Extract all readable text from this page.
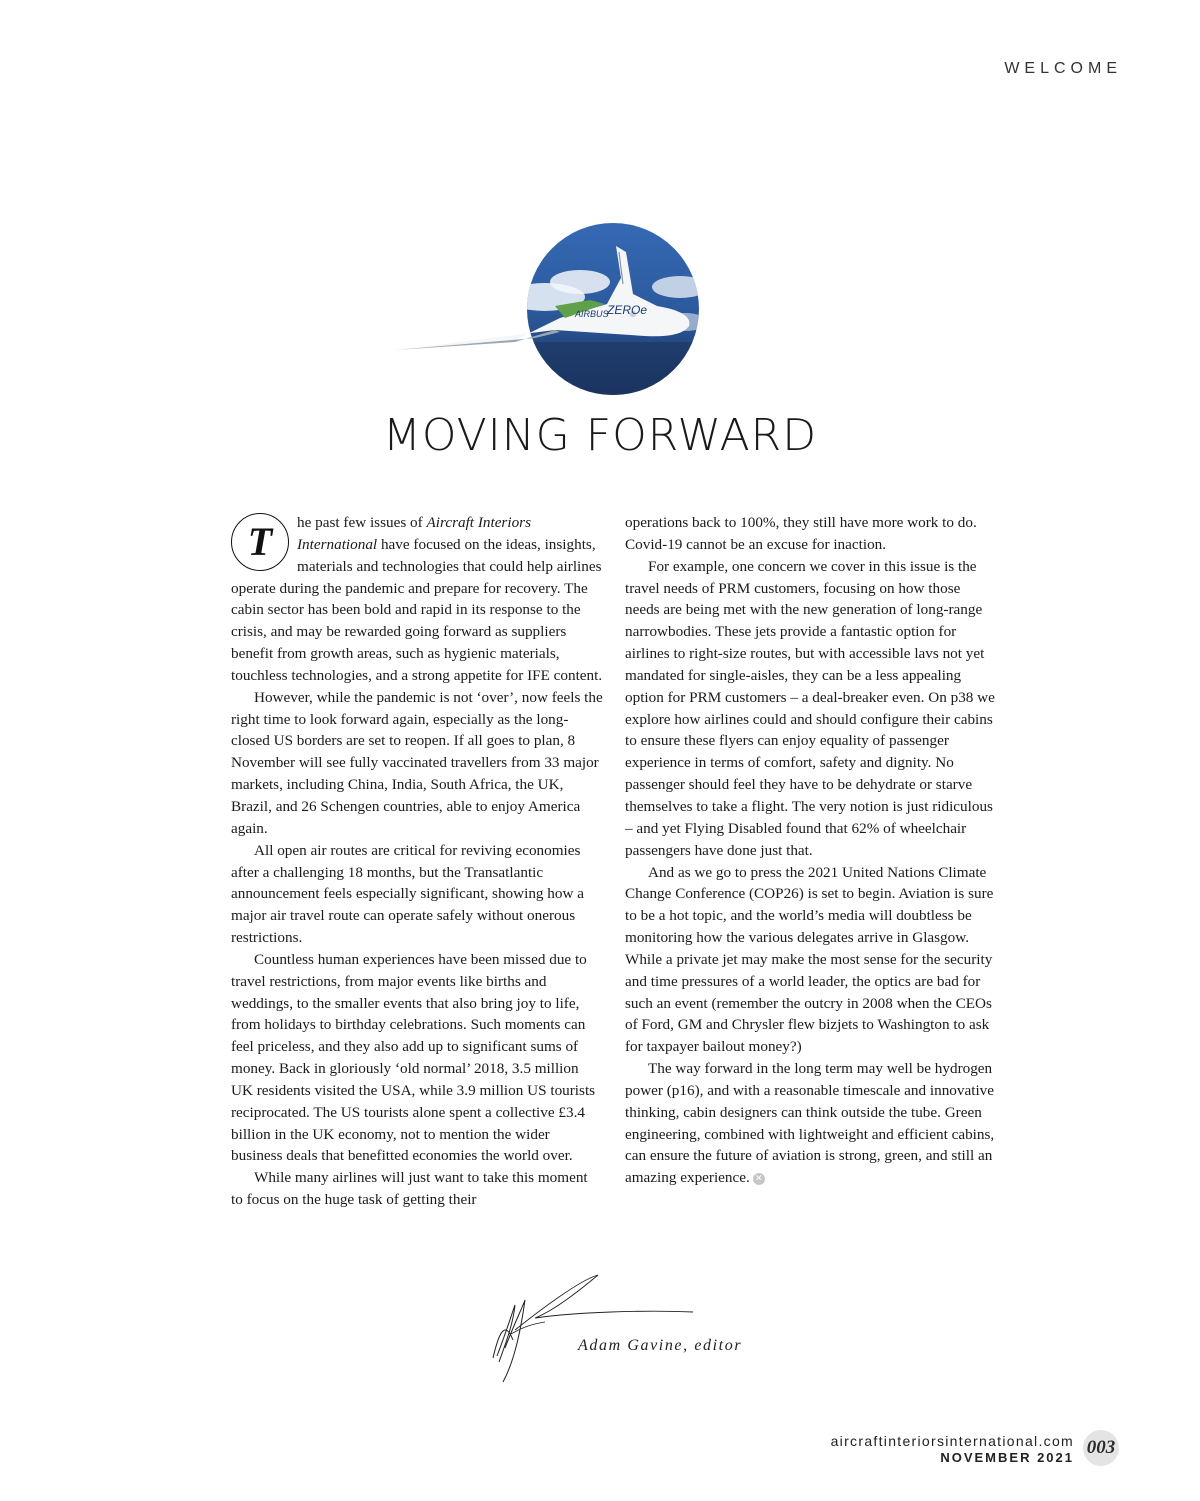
WELCOME
AIRBUS
ZEROe
MOVING FORWARD
T	he past few issues of Aircraft Interiors International have focused on the ideas, insights, materials and technologies that could help airlines operate during the pandemic and prepare for recovery. The cabin sector has been bold and rapid in its response to the crisis, and may be rewarded going forward as suppliers benefit from growth areas, such as hygienic materials, touchless technologies, and a strong appetite for IFE content.

However, while the pandemic is not ‘over’, now feels the right time to look forward again, especially as the long-closed US borders are set to reopen. If all goes to plan, 8 November will see fully vaccinated travellers from 33 major markets, including China, India, South Africa, the UK, Brazil, and 26 Schengen countries, able to enjoy America again.

All open air routes are critical for reviving economies after a challenging 18 months, but the Transatlantic announcement feels especially significant, showing how a major air travel route can operate safely without onerous restrictions.

Countless human experiences have been missed due to travel restrictions, from major events like births and weddings, to the smaller events that also bring joy to life, from holidays to birthday celebrations. Such moments can feel priceless, and they also add up to significant sums of money. Back in gloriously ‘old normal’ 2018, 3.5 million UK residents visited the USA, while 3.9 million US tourists reciprocated. The US tourists alone spent a collective £3.4 billion in the UK economy, not to mention the wider business deals that benefitted economies the world over.

While many airlines will just want to take this moment to focus on the huge task of getting their

operations back to 100%, they still have more work to do. Covid-19 cannot be an excuse for inaction.

For example, one concern we cover in this issue is the travel needs of PRM customers, focusing on how those needs are being met with the new generation of long-range narrowbodies. These jets provide a fantastic option for airlines to right-size routes, but with accessible lavs not yet mandated for single-aisles, they can be a less appealing option for PRM customers – a deal-breaker even. On p38 we explore how airlines could and should configure their cabins to ensure these flyers can enjoy equality of passenger experience in terms of comfort, safety and dignity. No passenger should feel they have to be dehydrate or starve themselves to take a flight. The very notion is just ridiculous – and yet Flying Disabled found that 62% of wheelchair passengers have done just that.

And as we go to press the 2021 United Nations Climate Change Conference (COP26) is set to begin. Aviation is sure to be a hot topic, and the world’s media will doubtless be monitoring how the various delegates arrive in Glasgow. While a private jet may make the most sense for the security and time pressures of a world leader, the optics are bad for such an event (remember the outcry in 2008 when the CEOs of Ford, GM and Chrysler flew bizjets to Washington to ask for taxpayer bailout money?)

The way forward in the long term may well be hydrogen power (p16), and with a reasonable timescale and innovative thinking, cabin designers can think outside the tube. Green engineering, combined with lightweight and efficient cabins, can ensure the future of aviation is strong, green, and still an amazing experience. ✕

Adam Gavine, editor
aircraftinteriorsinternational.com
NOVEMBER 2021 003
